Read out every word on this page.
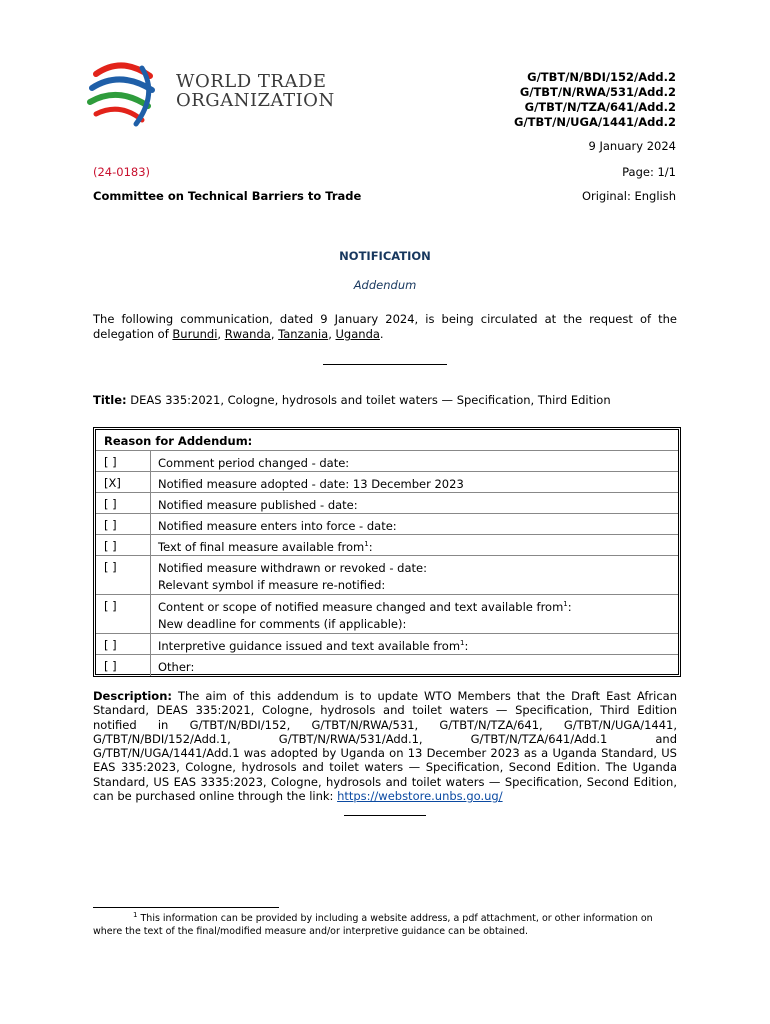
WORLD TRADE
ORGANIZATION
G/TBT/N/BDI/152/Add.2
G/TBT/N/RWA/531/Add.2
G/TBT/N/TZA/641/Add.2
G/TBT/N/UGA/1441/Add.2
9 January 2024
(24-0183)	Page: 1/1
Committee on Technical Barriers to Trade	Original: English
NOTIFICATION
Addendum
The following communication, dated 9 January 2024, is being circulated at the request of the delegation of Burundi, Rwanda, Tanzania, Uganda.
Title: DEAS 335:2021, Cologne, hydrosols and toilet waters — Specification, Third Edition
Reason for Addendum:
[ ]	Comment period changed - date:
[X]	Notified measure adopted - date: 13 December 2023
[ ]	Notified measure published - date:
[ ]	Notified measure enters into force - date:
[ ]	Text of final measure available from$^1$:
[ ]	Notified measure withdrawn or revoked - date:
Relevant symbol if measure re-notified:
[ ]	Content or scope of notified measure changed and text available from$^1$:
New deadline for comments (if applicable):
[ ]	Interpretive guidance issued and text available from$^1$:
[ ]	Other:
Description: The aim of this addendum is to update WTO Members that the Draft East African Standard, DEAS 335:2021, Cologne, hydrosols and toilet waters — Specification, Third Edition notified in G/TBT/N/BDI/152, G/TBT/N/RWA/531, G/TBT/N/TZA/641, G/TBT/N/UGA/1441, G/TBT/N/BDI/152/Add.1, G/TBT/N/RWA/531/Add.1, G/TBT/N/TZA/641/Add.1 and G/TBT/N/UGA/1441/Add.1 was adopted by Uganda on 13 December 2023 as a Uganda Standard, US EAS 335:2023, Cologne, hydrosols and toilet waters — Specification, Second Edition. The Uganda Standard, US EAS 3335:2023, Cologne, hydrosols and toilet waters — Specification, Second Edition, can be purchased online through the link: https://webstore.unbs.go.ug/
$^1$ This information can be provided by including a website address, a pdf attachment, or other information on where the text of the final/modified measure and/or interpretive guidance can be obtained.
